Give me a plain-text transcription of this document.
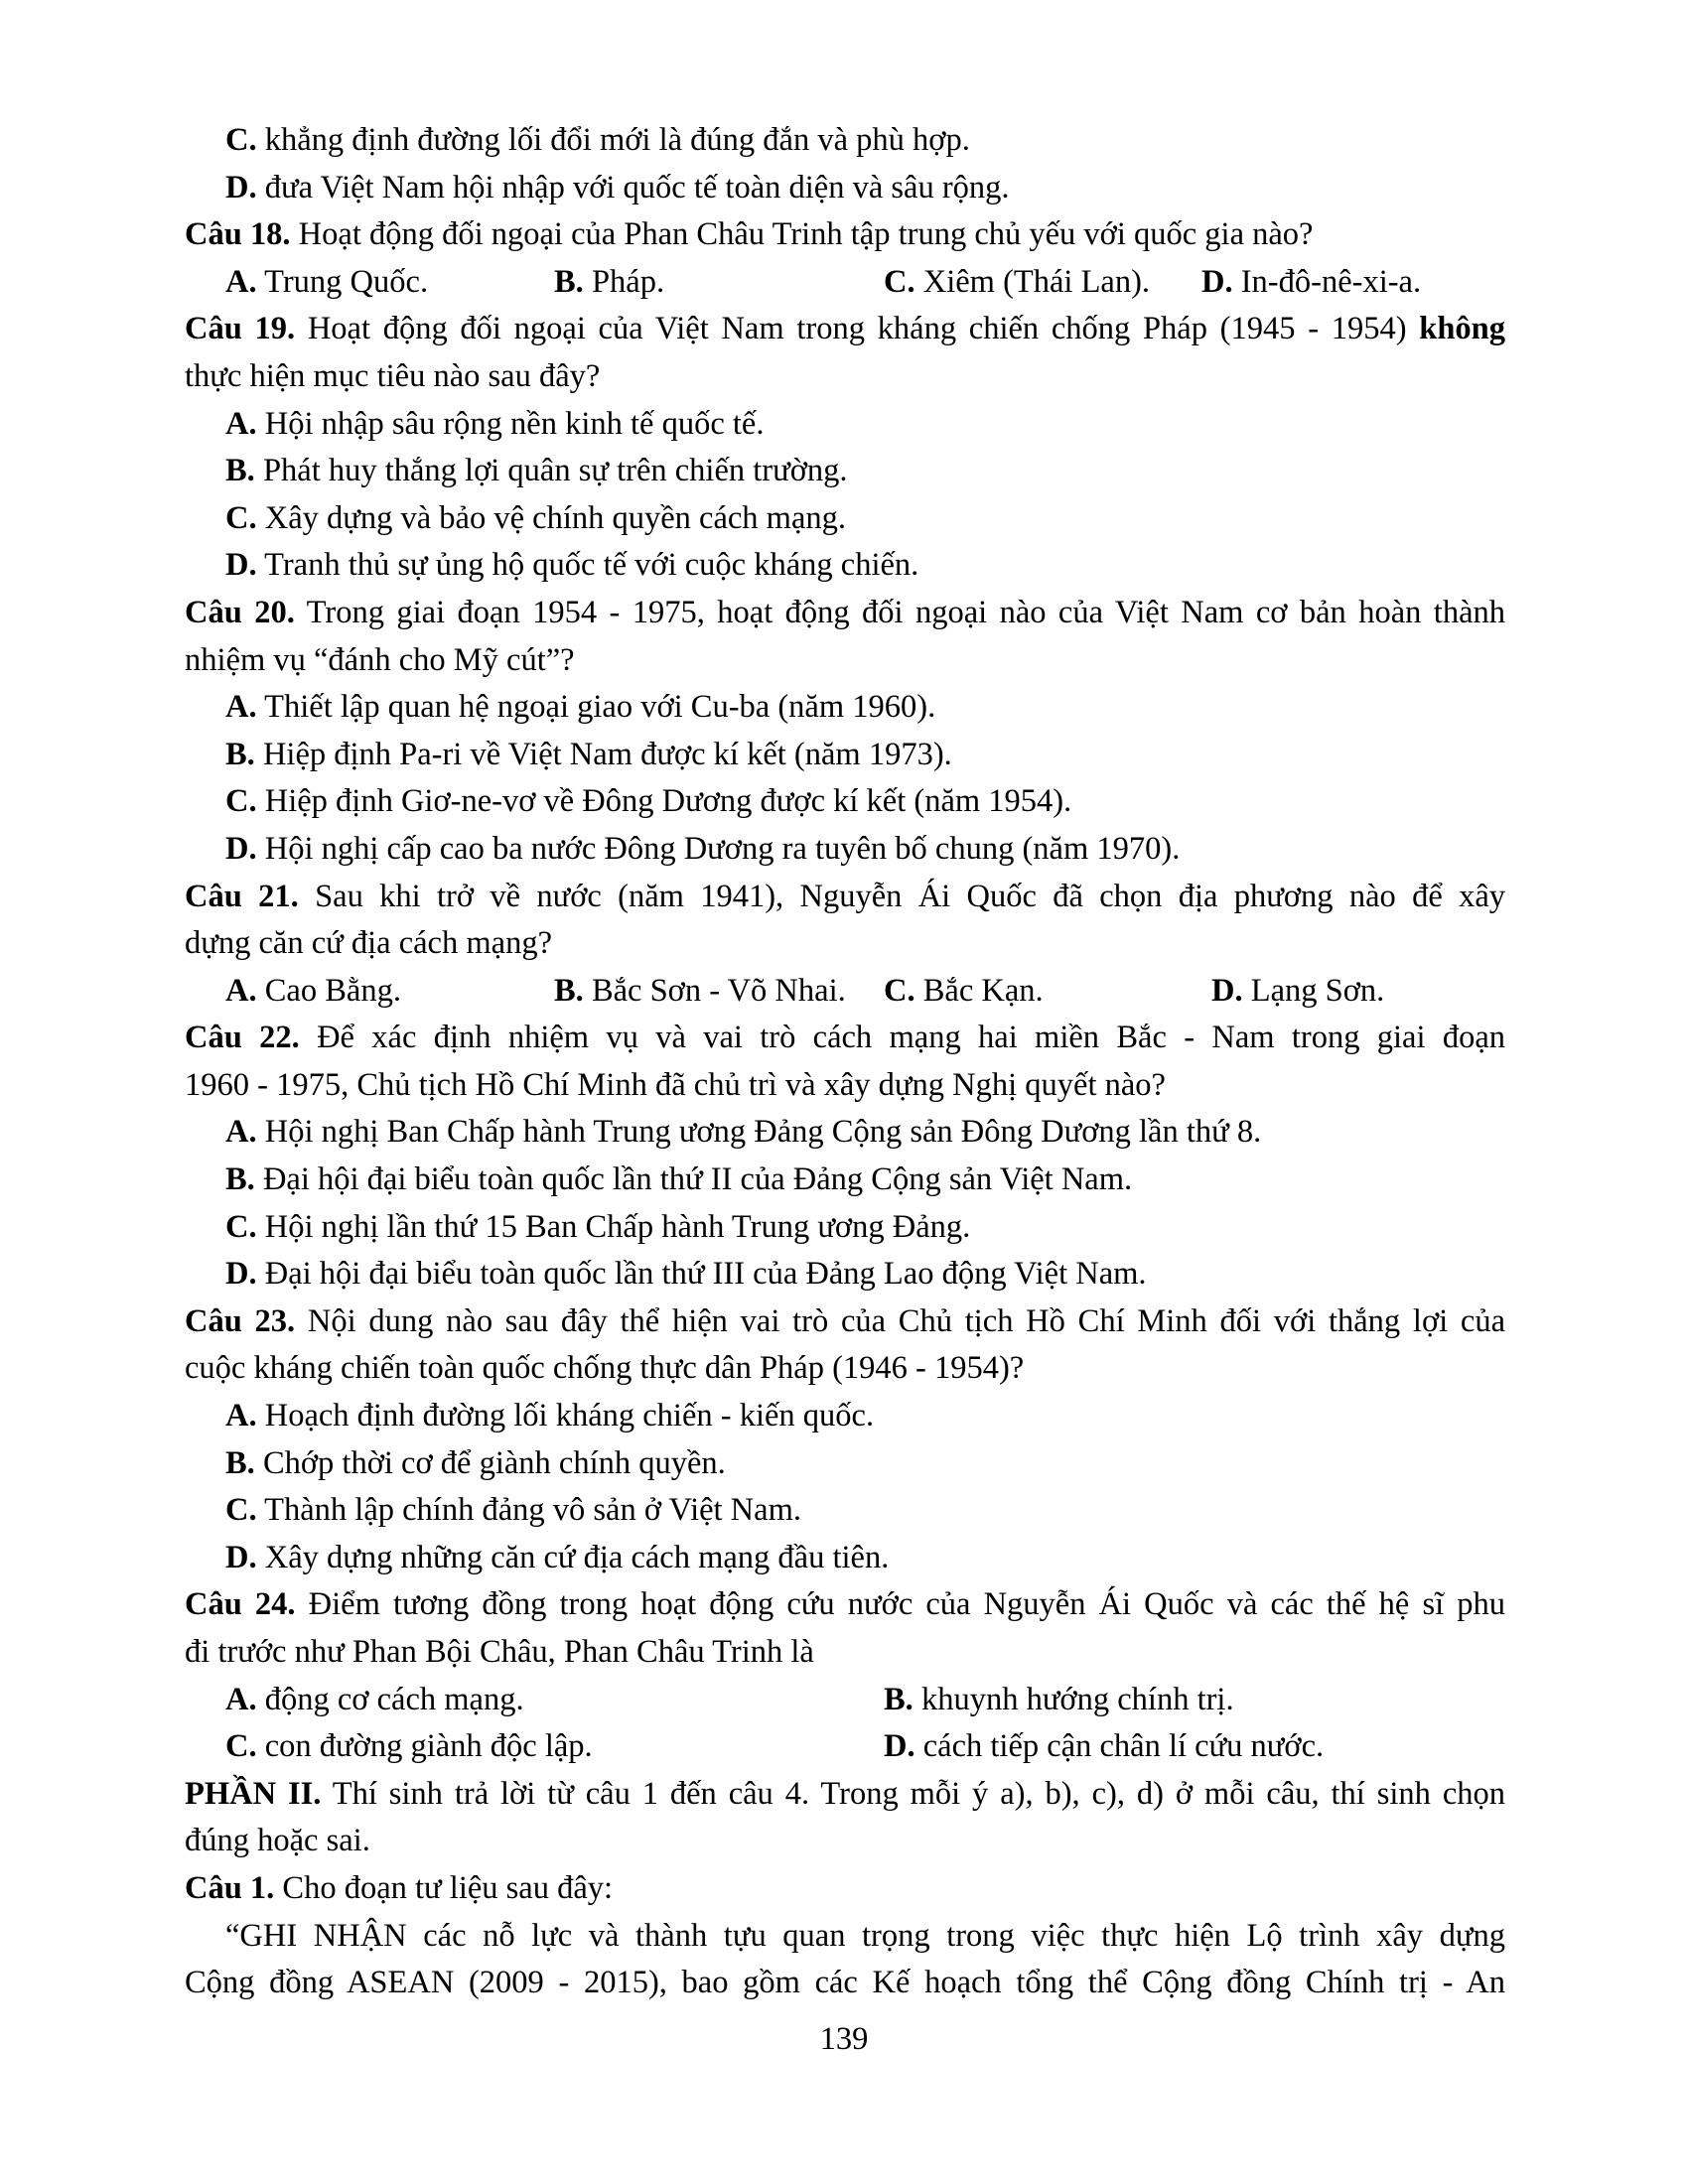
C. khẳng định đường lối đổi mới là đúng đắn và phù hợp.
D. đưa Việt Nam hội nhập với quốc tế toàn diện và sâu rộng.
Câu 18. Hoạt động đối ngoại của Phan Châu Trinh tập trung chủ yếu với quốc gia nào?
A. Trung Quốc.	B. Pháp.	C. Xiêm (Thái Lan). D. In-đô-nê-xi-a.
Câu 19. Hoạt động đối ngoại của Việt Nam trong kháng chiến chống Pháp (1945 - 1954) không
thực hiện mục tiêu nào sau đây?
A. Hội nhập sâu rộng nền kinh tế quốc tế.
B. Phát huy thắng lợi quân sự trên chiến trường.
C. Xây dựng và bảo vệ chính quyền cách mạng.
D. Tranh thủ sự ủng hộ quốc tế với cuộc kháng chiến.
Câu 20. Trong giai đoạn 1954 - 1975, hoạt động đối ngoại nào của Việt Nam cơ bản hoàn thành
nhiệm vụ “đánh cho Mỹ cút”?
A. Thiết lập quan hệ ngoại giao với Cu-ba (năm 1960).
B. Hiệp định Pa-ri về Việt Nam được kí kết (năm 1973).
C. Hiệp định Giơ-ne-vơ về Đông Dương được kí kết (năm 1954).
D. Hội nghị cấp cao ba nước Đông Dương ra tuyên bố chung (năm 1970).
Câu 21. Sau khi trở về nước (năm 1941), Nguyễn Ái Quốc đã chọn địa phương nào để xây
dựng căn cứ địa cách mạng?
A. Cao Bằng.	B. Bắc Sơn - Võ Nhai. C. Bắc Kạn.	D. Lạng Sơn.
Câu 22. Để xác định nhiệm vụ và vai trò cách mạng hai miền Bắc - Nam trong giai đoạn
1960 - 1975, Chủ tịch Hồ Chí Minh đã chủ trì và xây dựng Nghị quyết nào?
A. Hội nghị Ban Chấp hành Trung ương Đảng Cộng sản Đông Dương lần thứ 8.
B. Đại hội đại biểu toàn quốc lần thứ II của Đảng Cộng sản Việt Nam.
C. Hội nghị lần thứ 15 Ban Chấp hành Trung ương Đảng.
D. Đại hội đại biểu toàn quốc lần thứ III của Đảng Lao động Việt Nam.
Câu 23. Nội dung nào sau đây thể hiện vai trò của Chủ tịch Hồ Chí Minh đối với thắng lợi của
cuộc kháng chiến toàn quốc chống thực dân Pháp (1946 - 1954)?
A. Hoạch định đường lối kháng chiến - kiến quốc.
B. Chớp thời cơ để giành chính quyền.
C. Thành lập chính đảng vô sản ở Việt Nam.
D. Xây dựng những căn cứ địa cách mạng đầu tiên.
Câu 24. Điểm tương đồng trong hoạt động cứu nước của Nguyễn Ái Quốc và các thế hệ sĩ phu
đi trước như Phan Bội Châu, Phan Châu Trinh là
A. động cơ cách mạng.	B. khuynh hướng chính trị.
C. con đường giành độc lập.	D. cách tiếp cận chân lí cứu nước.
PHẦN II. Thí sinh trả lời từ câu 1 đến câu 4. Trong mỗi ý a), b), c), d) ở mỗi câu, thí sinh chọn
đúng hoặc sai.
Câu 1. Cho đoạn tư liệu sau đây:
“GHI NHẬN các nỗ lực và thành tựu quan trọng trong việc thực hiện Lộ trình xây dựng
Cộng đồng ASEAN (2009 - 2015), bao gồm các Kế hoạch tổng thể Cộng đồng Chính trị - An
139
